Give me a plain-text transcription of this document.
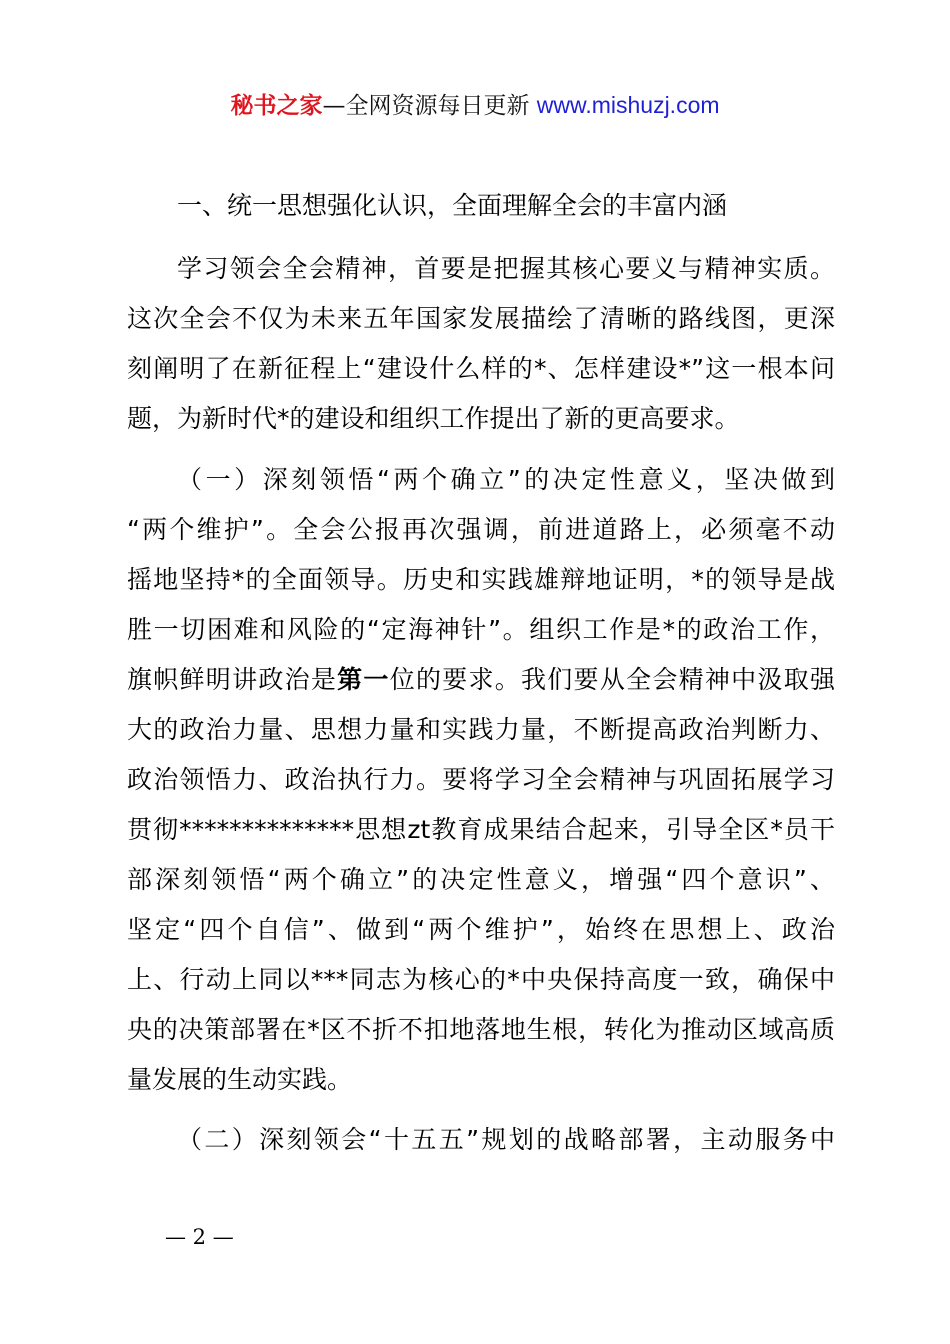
秘书之家—全网资源每日更新 www.mishuzj.com
一、统一思想强化认识，全面理解全会的丰富内涵
学习领会全会精神，首要是把握其核心要义与精神实质。
这次全会不仅为未来五年国家发展描绘了清晰的路线图，更深
刻阐明了在新征程上“建设什么样的*、怎样建设*”这一根本问
题，为新时代*的建设和组织工作提出了新的更高要求。
（一）深刻领悟“两个确立”的决定性意义，坚决做到
“两个维护”。全会公报再次强调，前进道路上，必须毫不动
摇地坚持*的全面领导。历史和实践雄辩地证明，*的领导是战
胜一切困难和风险的“定海神针”。组织工作是*的政治工作，
旗帜鲜明讲政治是第一位的要求。我们要从全会精神中汲取强
大的政治力量、思想力量和实践力量，不断提高政治判断力、
政治领悟力、政治执行力。要将学习全会精神与巩固拓展学习
贯彻**************思想zt教育成果结合起来，引导全区*员干
部深刻领悟“两个确立”的决定性意义，增强“四个意识”、
坚定“四个自信”、做到“两个维护”，始终在思想上、政治
上、行动上同以***同志为核心的*中央保持高度一致，确保中
央的决策部署在*区不折不扣地落地生根，转化为推动区域高质
量发展的生动实践。
（二）深刻领会“十五五”规划的战略部署，主动服务中
— 2 —
